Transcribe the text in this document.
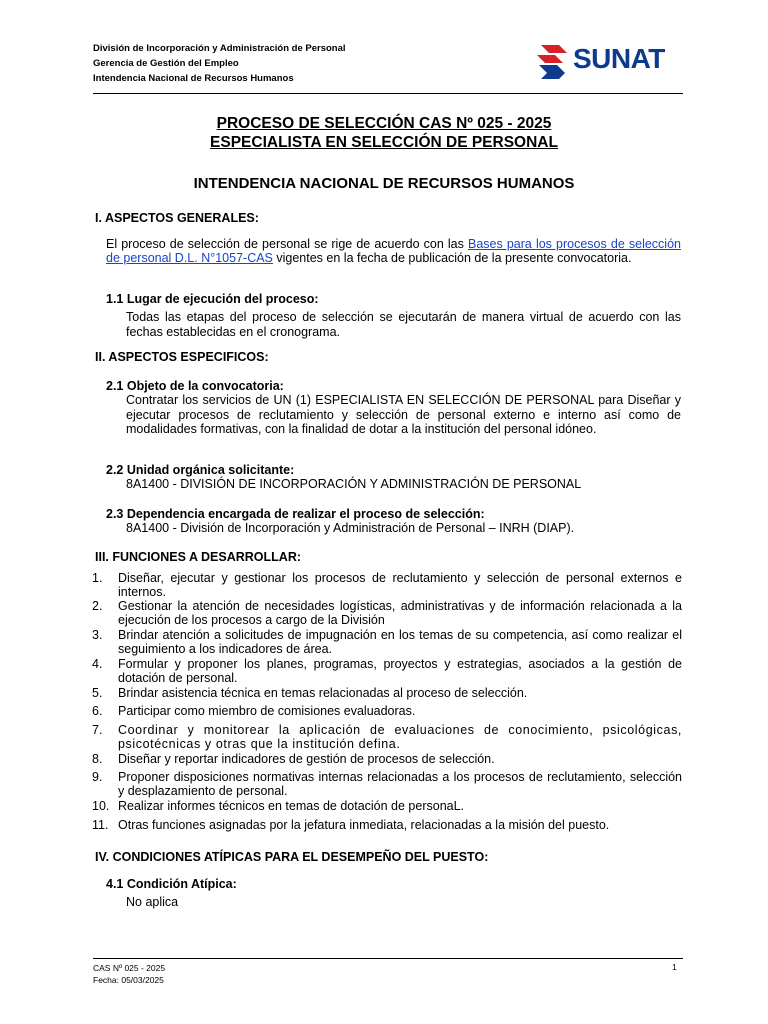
División de Incorporación y Administración de Personal
Gerencia de Gestión del Empleo
Intendencia Nacional de Recursos Humanos
SUNAT
PROCESO DE SELECCIÓN CAS Nº 025 - 2025
ESPECIALISTA EN SELECCIÓN DE PERSONAL
INTENDENCIA NACIONAL DE RECURSOS HUMANOS
I. ASPECTOS GENERALES:
El proceso de selección de personal se rige de acuerdo con las Bases para los procesos de selección de personal D.L. N°1057-CAS vigentes en la fecha de publicación de la presente convocatoria.
1.1 Lugar de ejecución del proceso:
Todas las etapas del proceso de selección se ejecutarán de manera virtual de acuerdo con las fechas establecidas en el cronograma.
II. ASPECTOS ESPECIFICOS:
2.1 Objeto de la convocatoria:
Contratar los servicios de UN (1) ESPECIALISTA EN SELECCIÓN DE PERSONAL para Diseñar y ejecutar procesos de reclutamiento y selección de personal externo e interno así como de modalidades formativas, con la finalidad de dotar a la institución del personal idóneo.
2.2 Unidad orgánica solicitante:
8A1400 - DIVISIÓN DE INCORPORACIÓN Y ADMINISTRACIÓN DE PERSONAL
2.3 Dependencia encargada de realizar el proceso de selección:
8A1400 - División de Incorporación y Administración de Personal – INRH (DIAP).
III. FUNCIONES A DESARROLLAR:
1.	Diseñar, ejecutar y gestionar los procesos de reclutamiento y selección de personal externos e internos.
2.	Gestionar la atención de necesidades logísticas, administrativas y de información relacionada a la ejecución de los procesos a cargo de la División
3.	Brindar atención a solicitudes de impugnación en los temas de su competencia, así como realizar el seguimiento a los indicadores de área.
4.	Formular y proponer los planes, programas, proyectos y estrategias, asociados a la gestión de dotación de personal.
5.	Brindar asistencia técnica en temas relacionadas al proceso de selección.
6.	Participar como miembro de comisiones evaluadoras.
7.	Coordinar y monitorear la aplicación de evaluaciones de conocimiento, psicológicas, psicotécnicas y otras que la institución defina.
8.	Diseñar y reportar indicadores de gestión de procesos de selección.
9.	Proponer disposiciones normativas internas relacionadas a los procesos de reclutamiento, selección y desplazamiento de personal.
10. Realizar informes técnicos en temas de dotación de personaL.
11. Otras funciones asignadas por la jefatura inmediata, relacionadas a la misión del puesto.
IV. CONDICIONES ATÍPICAS PARA EL DESEMPEÑO DEL PUESTO:
4.1 Condición Atípica:
No aplica
CAS Nº 025 - 2025
Fecha: 05/03/2025
1
